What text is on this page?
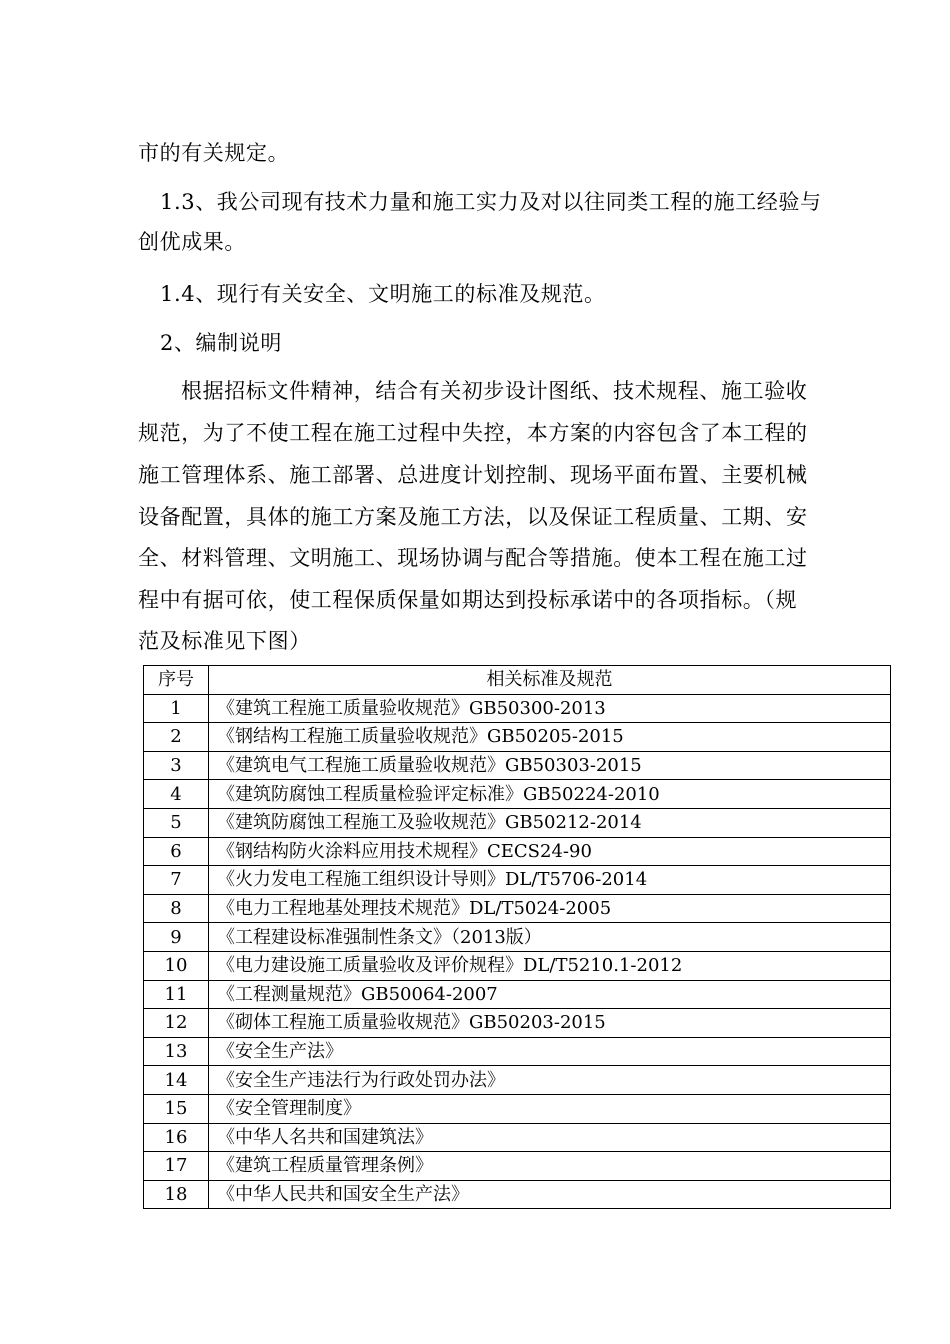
市的有关规定。
1.3、我公司现有技术力量和施工实力及对以往同类工程的施工经验与
创优成果。
1.4、现行有关安全、文明施工的标准及规范。
2、编制说明
根据招标文件精神，结合有关初步设计图纸、技术规程、施工验收
规范，为了不使工程在施工过程中失控，本方案的内容包含了本工程的
施工管理体系、施工部署、总进度计划控制、现场平面布置、主要机械
设备配置，具体的施工方案及施工方法，以及保证工程质量、工期、安
全、材料管理、文明施工、现场协调与配合等措施。使本工程在施工过
程中有据可依，使工程保质保量如期达到投标承诺中的各项指标。（规
范及标准见下图）
序号	相关标准及规范
1	《建筑工程施工质量验收规范》GB50300-2013
2	《钢结构工程施工质量验收规范》GB50205-2015
3	《建筑电气工程施工质量验收规范》GB50303-2015
4	《建筑防腐蚀工程质量检验评定标准》GB50224-2010
5	《建筑防腐蚀工程施工及验收规范》GB50212-2014
6	《钢结构防火涂料应用技术规程》CECS24-90
7	《火力发电工程施工组织设计导则》DL/T5706-2014
8	《电力工程地基处理技术规范》DL/T5024-2005
9	《工程建设标准强制性条文》（2013版）
10	《电力建设施工质量验收及评价规程》DL/T5210.1-2012
11	《工程测量规范》GB50064-2007
12	《砌体工程施工质量验收规范》GB50203-2015
13	《安全生产法》
14	《安全生产违法行为行政处罚办法》
15	《安全管理制度》
16	《中华人名共和国建筑法》
17	《建筑工程质量管理条例》
18	《中华人民共和国安全生产法》
